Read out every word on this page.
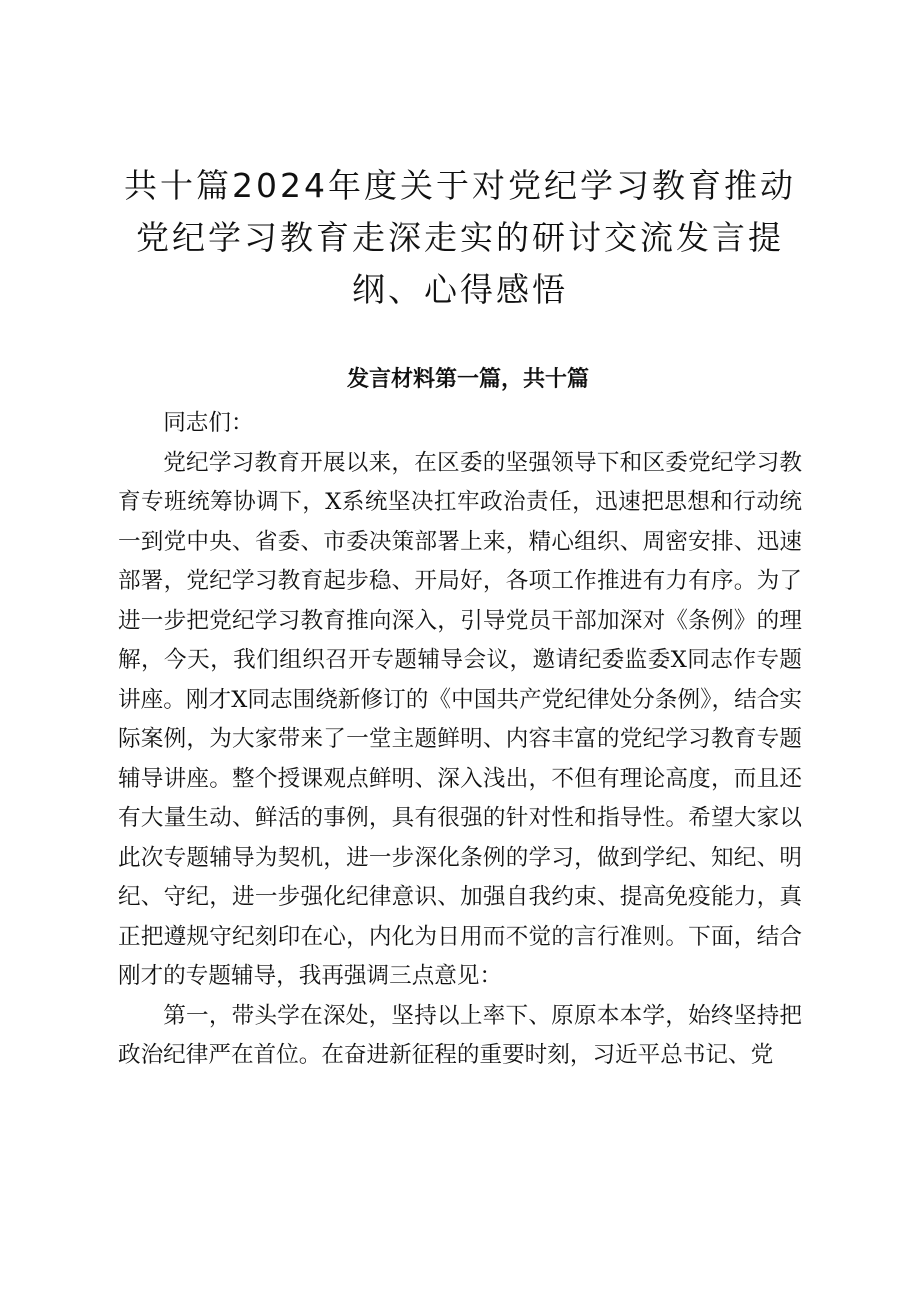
共十篇2024年度关于对党纪学习教育推动党纪学习教育走深走实的研讨交流发言提纲、心得感悟
发言材料第一篇，共十篇

同志们：

党纪学习教育开展以来，在区委的坚强领导下和区委党纪学习教育专班统筹协调下，X系统坚决扛牢政治责任，迅速把思想和行动统一到党中央、省委、市委决策部署上来，精心组织、周密安排、迅速部署，党纪学习教育起步稳、开局好，各项工作推进有力有序。为了进一步把党纪学习教育推向深入，引导党员干部加深对《条例》的理解，今天，我们组织召开专题辅导会议，邀请纪委监委X同志作专题讲座。刚才X同志围绕新修订的《中国共产党纪律处分条例》，结合实际案例，为大家带来了一堂主题鲜明、内容丰富的党纪学习教育专题辅导讲座。整个授课观点鲜明、深入浅出，不但有理论高度，而且还有大量生动、鲜活的事例，具有很强的针对性和指导性。希望大家以此次专题辅导为契机，进一步深化条例的学习，做到学纪、知纪、明纪、守纪，进一步强化纪律意识、加强自我约束、提高免疫能力，真正把遵规守纪刻印在心，内化为日用而不觉的言行准则。下面，结合刚才的专题辅导，我再强调三点意见：

第一，带头学在深处，坚持以上率下、原原本本学，始终坚持把政治纪律严在首位。在奋进新征程的重要时刻，习近平总书记、党
